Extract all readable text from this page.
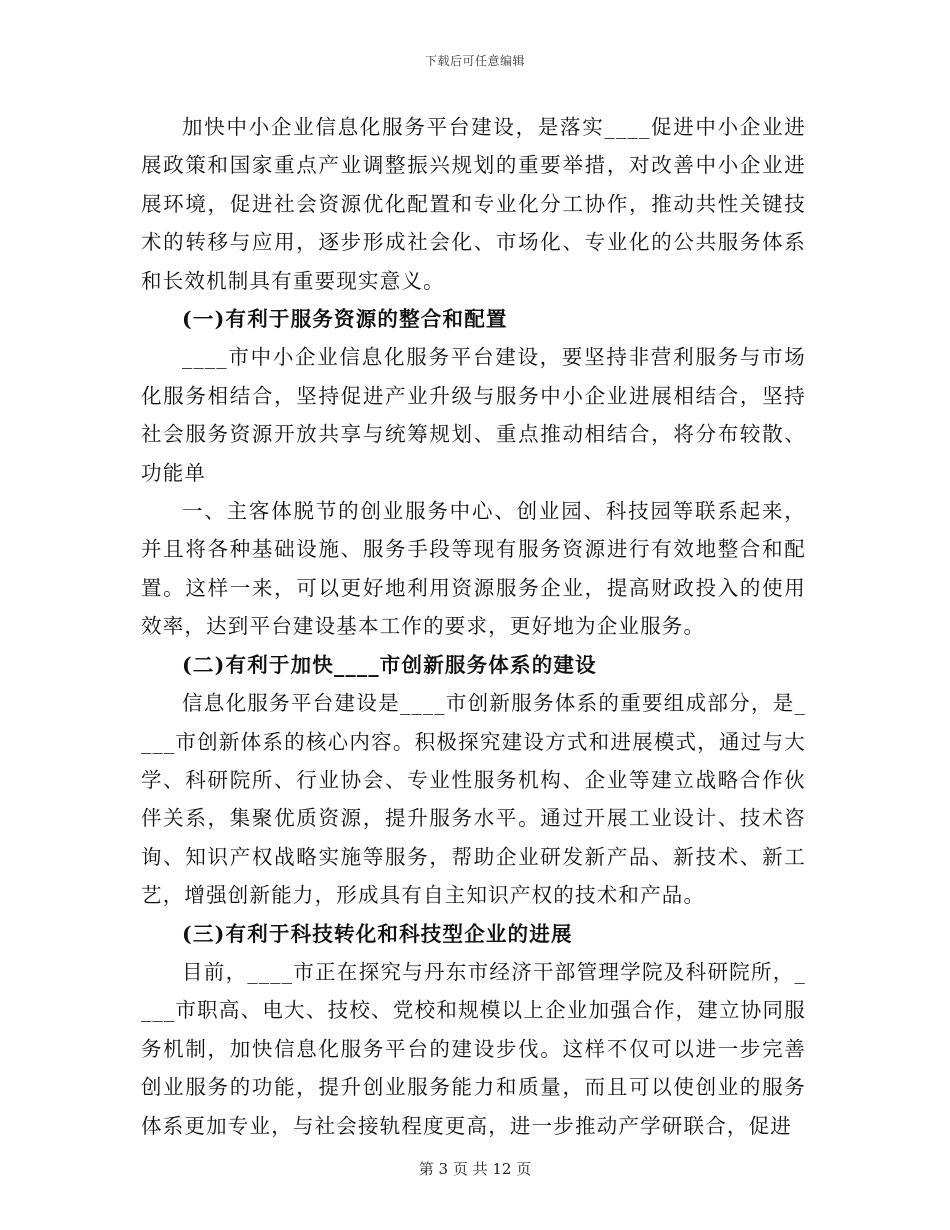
下载后可任意编辑

加快中小企业信息化服务平台建设，是落实____促进中小企业进展政策和国家重点产业调整振兴规划的重要举措，对改善中小企业进展环境，促进社会资源优化配置和专业化分工协作，推动共性关键技术的转移与应用，逐步形成社会化、市场化、专业化的公共服务体系和长效机制具有重要现实意义。

(一)有利于服务资源的整合和配置

____市中小企业信息化服务平台建设，要坚持非营利服务与市场化服务相结合，坚持促进产业升级与服务中小企业进展相结合，坚持社会服务资源开放共享与统筹规划、重点推动相结合，将分布较散、功能单

一、主客体脱节的创业服务中心、创业园、科技园等联系起来，并且将各种基础设施、服务手段等现有服务资源进行有效地整合和配置。这样一来，可以更好地利用资源服务企业，提高财政投入的使用效率，达到平台建设基本工作的要求，更好地为企业服务。

(二)有利于加快____市创新服务体系的建设

信息化服务平台建设是____市创新服务体系的重要组成部分，是____市创新体系的核心内容。积极探究建设方式和进展模式，通过与大学、科研院所、行业协会、专业性服务机构、企业等建立战略合作伙伴关系，集聚优质资源，提升服务水平。通过开展工业设计、技术咨询、知识产权战略实施等服务，帮助企业研发新产品、新技术、新工艺，增强创新能力，形成具有自主知识产权的技术和产品。

(三)有利于科技转化和科技型企业的进展

目前，____市正在探究与丹东市经济干部管理学院及科研院所，____市职高、电大、技校、党校和规模以上企业加强合作，建立协同服务机制，加快信息化服务平台的建设步伐。这样不仅可以进一步完善创业服务的功能，提升创业服务能力和质量，而且可以使创业的服务体系更加专业，与社会接轨程度更高，进一步推动产学研联合，促进

第 3 页 共 12 页
